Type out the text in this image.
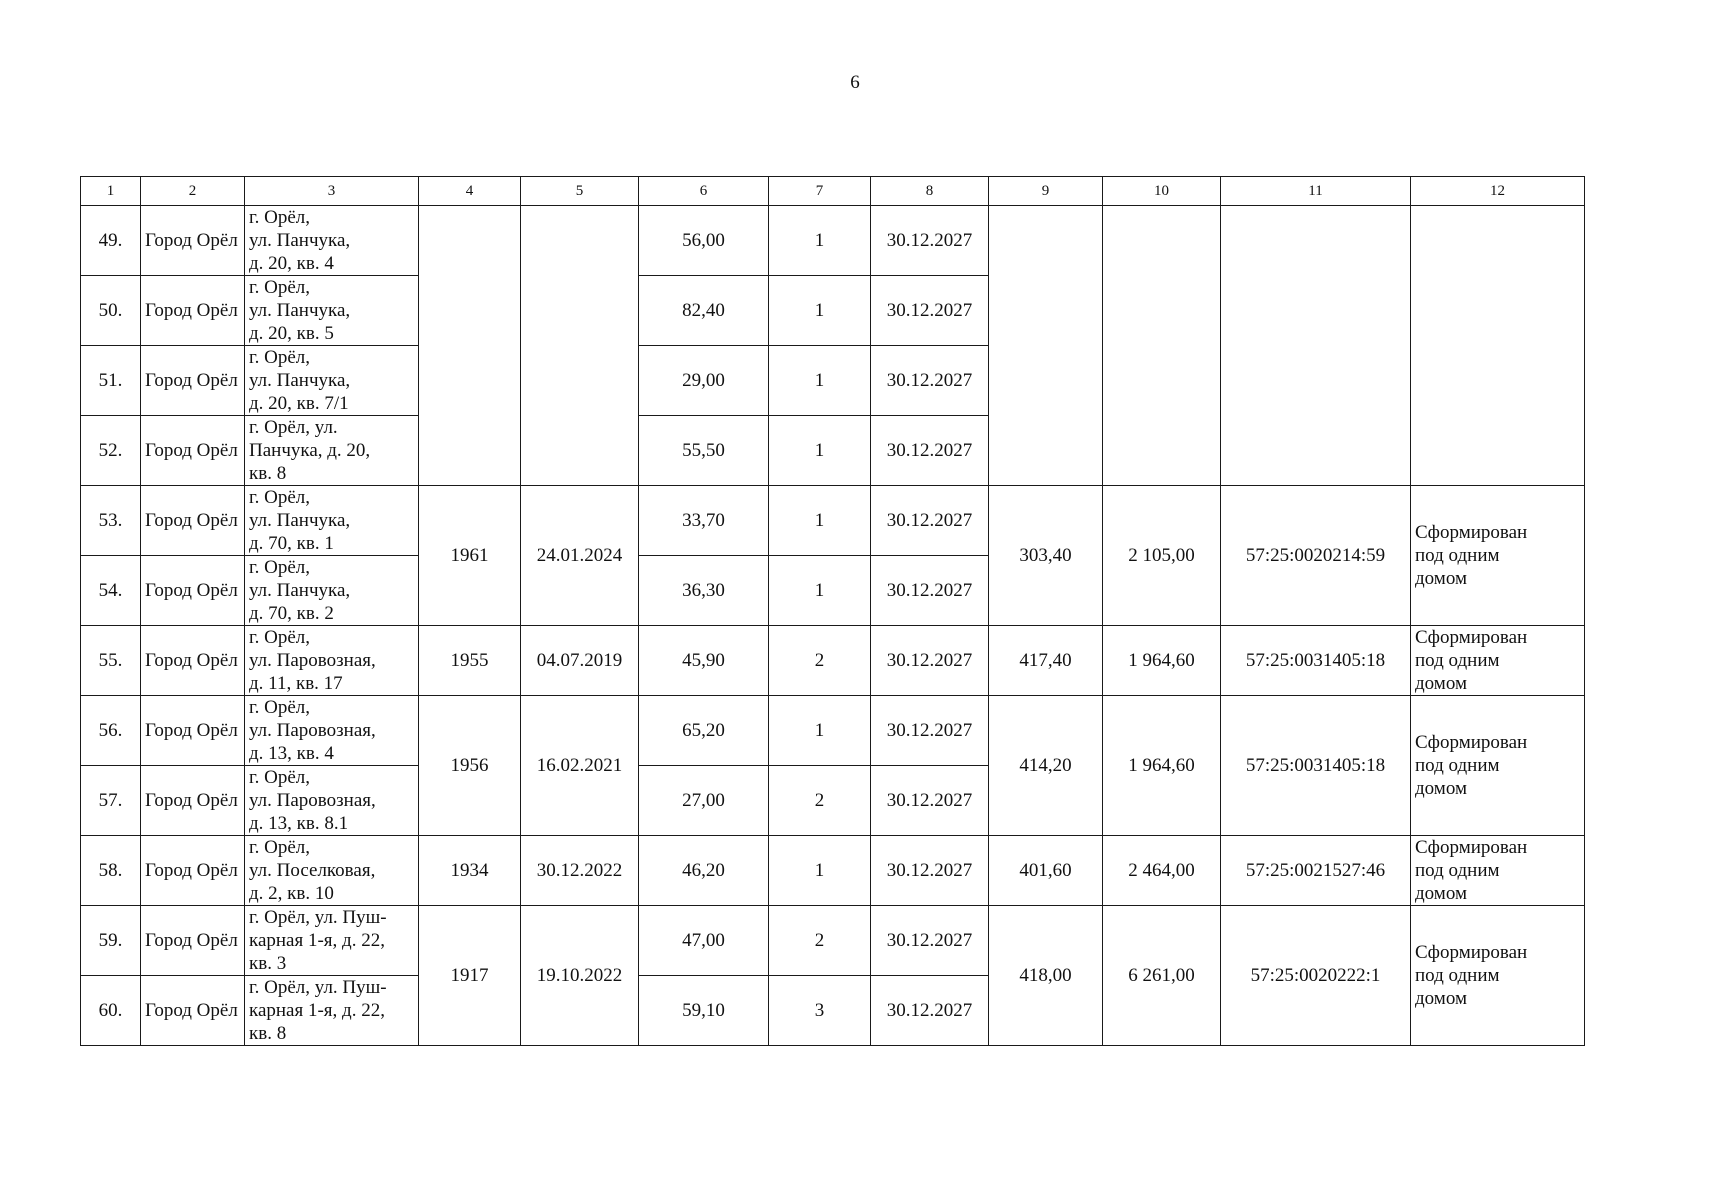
6
1	2	3	4	5	6	7	8	9	10	11	12
49.	Город Орёл	г. Орёл,
ул. Панчука,
д. 20, кв. 4			56,00	1	30.12.2027				
50.	Город Орёл	г. Орёл,
ул. Панчука,
д. 20, кв. 5			82,40	1	30.12.2027				
51.	Город Орёл	г. Орёл,
ул. Панчука,
д. 20, кв. 7/1			29,00	1	30.12.2027				
52.	Город Орёл	г. Орёл, ул.
Панчука, д. 20,
кв. 8			55,50	1	30.12.2027				
53.	Город Орёл	г. Орёл,
ул. Панчука,
д. 70, кв. 1	1961	24.01.2024	33,70	1	30.12.2027	303,40	2 105,00	57:25:0020214:59	Сформирован
под одним
домом
54.	Город Орёл	г. Орёл,
ул. Панчука,
д. 70, кв. 2			36,30	1	30.12.2027				
55.	Город Орёл	г. Орёл,
ул. Паровозная,
д. 11, кв. 17	1955	04.07.2019	45,90	2	30.12.2027	417,40	1 964,60	57:25:0031405:18	Сформирован
под одним
домом
56.	Город Орёл	г. Орёл,
ул. Паровозная,
д. 13, кв. 4	1956	16.02.2021	65,20	1	30.12.2027	414,20	1 964,60	57:25:0031405:18	Сформирован
под одним
домом
57.	Город Орёл	г. Орёл,
ул. Паровозная,
д. 13, кв. 8.1			27,00	2	30.12.2027				
58.	Город Орёл	г. Орёл,
ул. Поселковая,
д. 2, кв. 10	1934	30.12.2022	46,20	1	30.12.2027	401,60	2 464,00	57:25:0021527:46	Сформирован
под одним
домом
59.	Город Орёл	г. Орёл, ул. Пуш-
карная 1-я, д. 22,
кв. 3	1917	19.10.2022	47,00	2	30.12.2027	418,00	6 261,00	57:25:0020222:1	Сформирован
под одним
домом
60.	Город Орёл	г. Орёл, ул. Пуш-
карная 1-я, д. 22,
кв. 8			59,10	3	30.12.2027				
